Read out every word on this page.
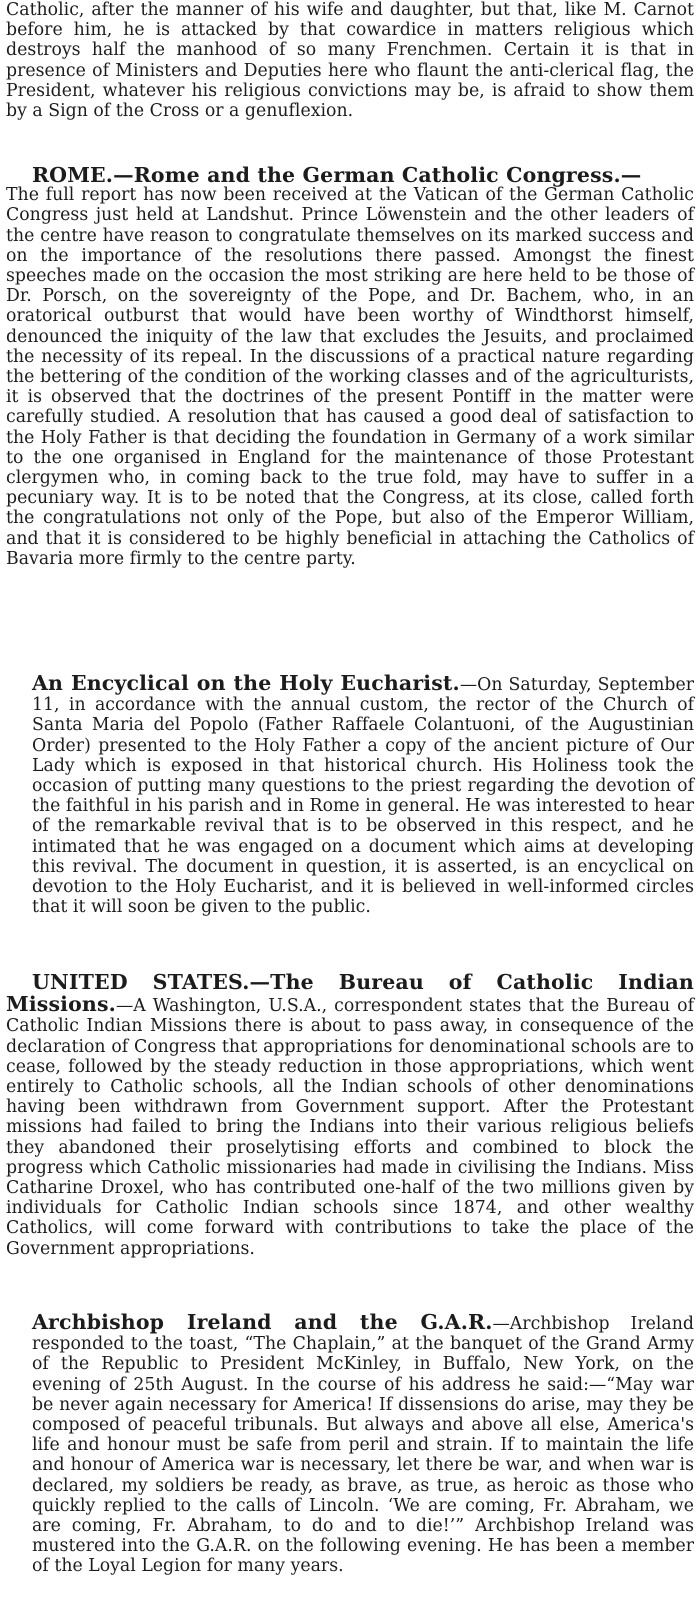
Catholic, after the manner of his wife and daughter, but that, like M. Carnot before him, he is attacked by that cowardice in matters religious which destroys half the manhood of so many Frenchmen. Certain it is that in presence of Ministers and Deputies here who flaunt the anti-clerical flag, the President, whatever his religious convictions may be, is afraid to show them by a Sign of the Cross or a genuflexion.

ROME.—Rome and the German Catholic Congress.—
The full report has now been received at the Vatican of the German Catholic Congress just held at Landshut. Prince Löwenstein and the other leaders of the centre have reason to congratulate themselves on its marked success and on the importance of the resolutions there passed. Amongst the finest speeches made on the occasion the most striking are here held to be those of Dr. Porsch, on the sovereignty of the Pope, and Dr. Bachem, who, in an oratorical outburst that would have been worthy of Windthorst himself, denounced the iniquity of the law that excludes the Jesuits, and proclaimed the necessity of its repeal. In the discussions of a practical nature regarding the bettering of the condition of the working classes and of the agriculturists, it is observed that the doctrines of the present Pontiff in the matter were carefully studied. A resolution that has caused a good deal of satisfaction to the Holy Father is that deciding the foundation in Germany of a work similar to the one organised in England for the maintenance of those Protestant clergymen who, in coming back to the true fold, may have to suffer in a pecuniary way. It is to be noted that the Congress, at its close, called forth the congratulations not only of the Pope, but also of the Emperor William, and that it is considered to be highly beneficial in attaching the Catholics of Bavaria more firmly to the centre party.

An Encyclical on the Holy Eucharist.—On Saturday, September 11, in accordance with the annual custom, the rector of the Church of Santa Maria del Popolo (Father Raffaele Colantuoni, of the Augustinian Order) presented to the Holy Father a copy of the ancient picture of Our Lady which is exposed in that historical church. His Holiness took the occasion of putting many questions to the priest regarding the devotion of the faithful in his parish and in Rome in general. He was interested to hear of the remarkable revival that is to be observed in this respect, and he intimated that he was engaged on a document which aims at developing this revival. The document in question, it is asserted, is an encyclical on devotion to the Holy Eucharist, and it is believed in well-informed circles that it will soon be given to the public.

UNITED STATES.—The Bureau of Catholic Indian Missions.—A Washington, U.S.A., correspondent states that the Bureau of Catholic Indian Missions there is about to pass away, in consequence of the declaration of Congress that appropriations for denominational schools are to cease, followed by the steady reduction in those appropriations, which went entirely to Catholic schools, all the Indian schools of other denominations having been withdrawn from Government support. After the Protestant missions had failed to bring the Indians into their various religious beliefs they abandoned their proselytising efforts and combined to block the progress which Catholic missionaries had made in civilising the Indians. Miss Catharine Droxel, who has contributed one-half of the two millions given by individuals for Catholic Indian schools since 1874, and other wealthy Catholics, will come forward with contributions to take the place of the Government appropriations.

Archbishop Ireland and the G.A.R.—Archbishop Ireland responded to the toast, “The Chaplain,” at the banquet of the Grand Army of the Republic to President McKinley, in Buffalo, New York, on the evening of 25th August. In the course of his address he said:—“May war be never again necessary for America! If dissensions do arise, may they be composed of peaceful tribunals. But always and above all else, America's life and honour must be safe from peril and strain. If to maintain the life and honour of America war is necessary, let there be war, and when war is declared, my soldiers be ready, as brave, as true, as heroic as those who quickly replied to the calls of Lincoln. ‘We are coming, Fr. Abraham, we are coming, Fr. Abraham, to do and to die!’” Archbishop Ireland was mustered into the G.A.R. on the following evening. He has been a member of the Loyal Legion for many years.
